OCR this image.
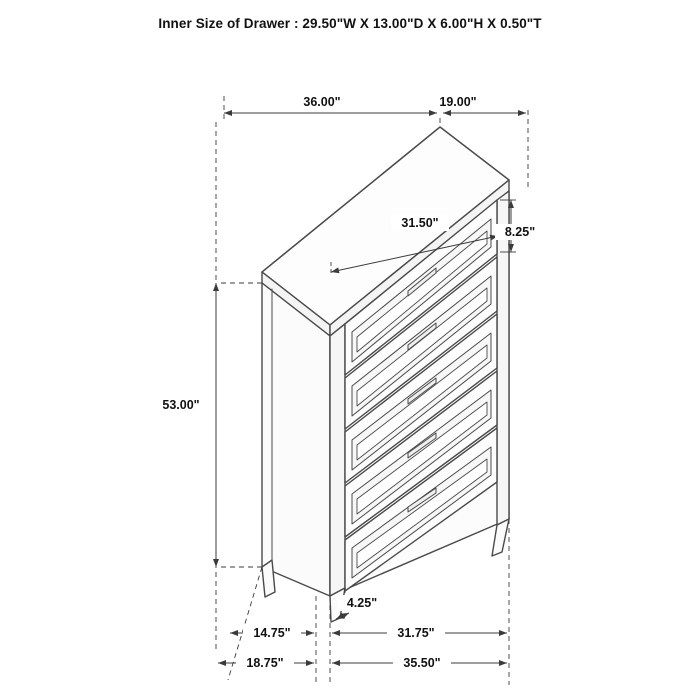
Inner Size of Drawer : 29.50"W X 13.00"D X 6.00"H X 0.50"T
36.00"	19.00"
31.50"
8.25"
53.00"
4.25"
14.75"	31.75"
18.75"	35.50"
